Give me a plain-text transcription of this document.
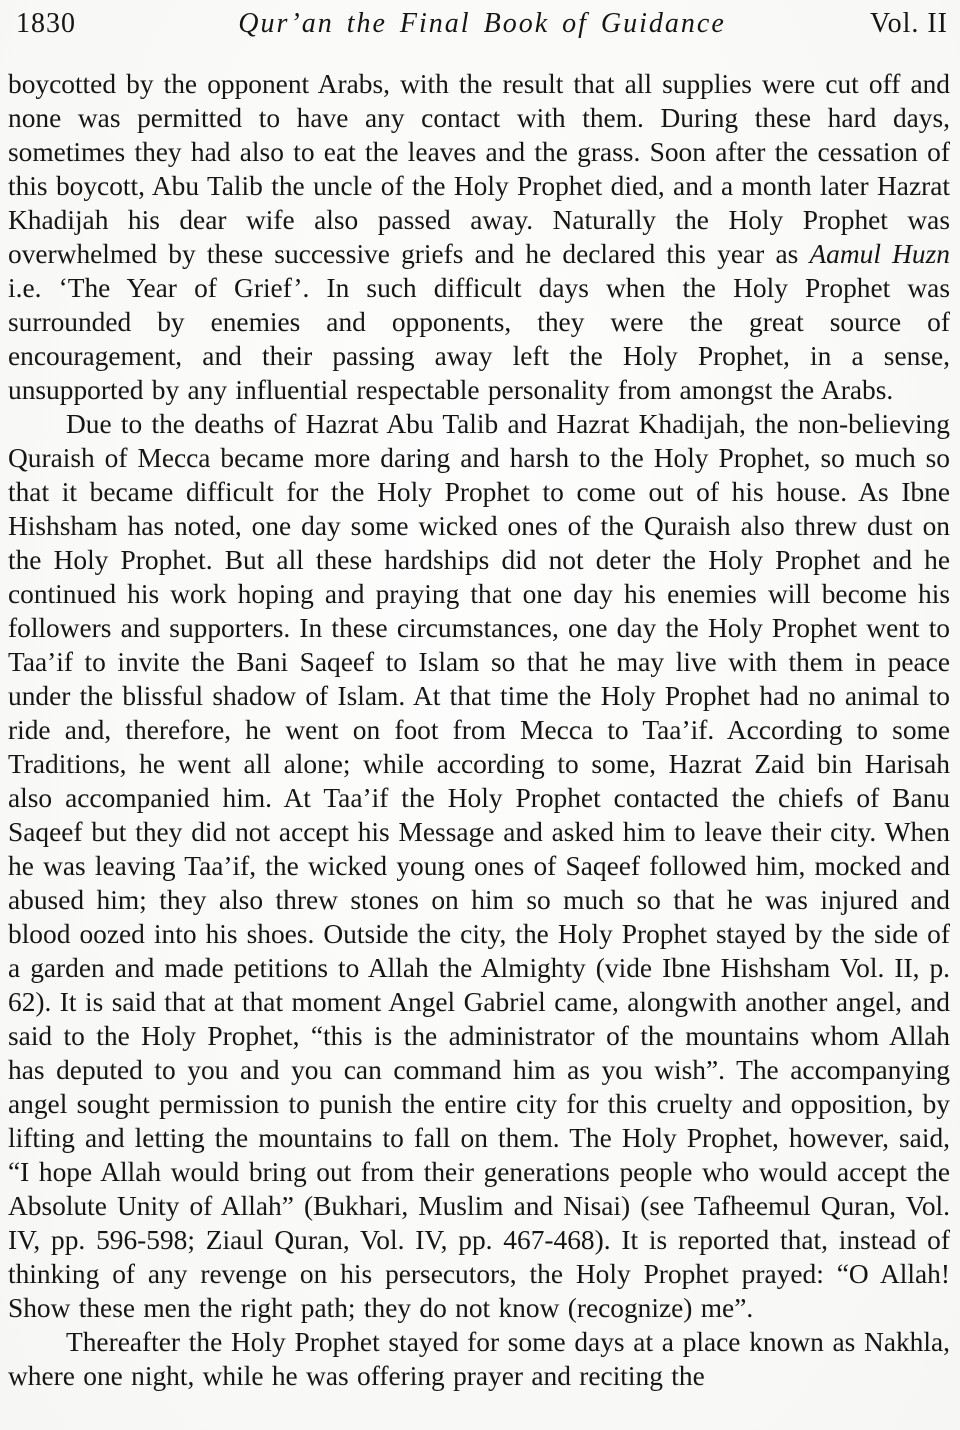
1830	Qur’an the Final Book of Guidance	Vol. II

boycotted by the opponent Arabs, with the result that all supplies were cut off and none was permitted to have any contact with them. During these hard days, sometimes they had also to eat the leaves and the grass. Soon after the cessation of this boycott, Abu Talib the uncle of the Holy Prophet died, and a month later Hazrat Khadijah his dear wife also passed away. Naturally the Holy Prophet was overwhelmed by these successive griefs and he declared this year as Aamul Huzn i.e. ‘The Year of Grief’. In such difficult days when the Holy Prophet was surrounded by enemies and opponents, they were the great source of encouragement, and their passing away left the Holy Prophet, in a sense, unsupported by any influential respectable personality from amongst the Arabs.

Due to the deaths of Hazrat Abu Talib and Hazrat Khadijah, the non-believing Quraish of Mecca became more daring and harsh to the Holy Prophet, so much so that it became difficult for the Holy Prophet to come out of his house. As Ibne Hishsham has noted, one day some wicked ones of the Quraish also threw dust on the Holy Prophet. But all these hardships did not deter the Holy Prophet and he continued his work hoping and praying that one day his enemies will become his followers and supporters. In these circumstances, one day the Holy Prophet went to Taa’if to invite the Bani Saqeef to Islam so that he may live with them in peace under the blissful shadow of Islam. At that time the Holy Prophet had no animal to ride and, therefore, he went on foot from Mecca to Taa’if. According to some Traditions, he went all alone; while according to some, Hazrat Zaid bin Harisah also accompanied him. At Taa’if the Holy Prophet contacted the chiefs of Banu Saqeef but they did not accept his Message and asked him to leave their city. When he was leaving Taa’if, the wicked young ones of Saqeef followed him, mocked and abused him; they also threw stones on him so much so that he was injured and blood oozed into his shoes. Outside the city, the Holy Prophet stayed by the side of a garden and made petitions to Allah the Almighty (vide Ibne Hishsham Vol. II, p. 62). It is said that at that moment Angel Gabriel came, alongwith another angel, and said to the Holy Prophet, “this is the administrator of the mountains whom Allah has deputed to you and you can command him as you wish”. The accompanying angel sought permission to punish the entire city for this cruelty and opposition, by lifting and letting the mountains to fall on them. The Holy Prophet, however, said, “I hope Allah would bring out from their generations people who would accept the Absolute Unity of Allah” (Bukhari, Muslim and Nisai) (see Tafheemul Quran, Vol. IV, pp. 596-598; Ziaul Quran, Vol. IV, pp. 467-468). It is reported that, instead of thinking of any revenge on his persecutors, the Holy Prophet prayed: “O Allah! Show these men the right path; they do not know (recognize) me”.

Thereafter the Holy Prophet stayed for some days at a place known as Nakhla, where one night, while he was offering prayer and reciting the
